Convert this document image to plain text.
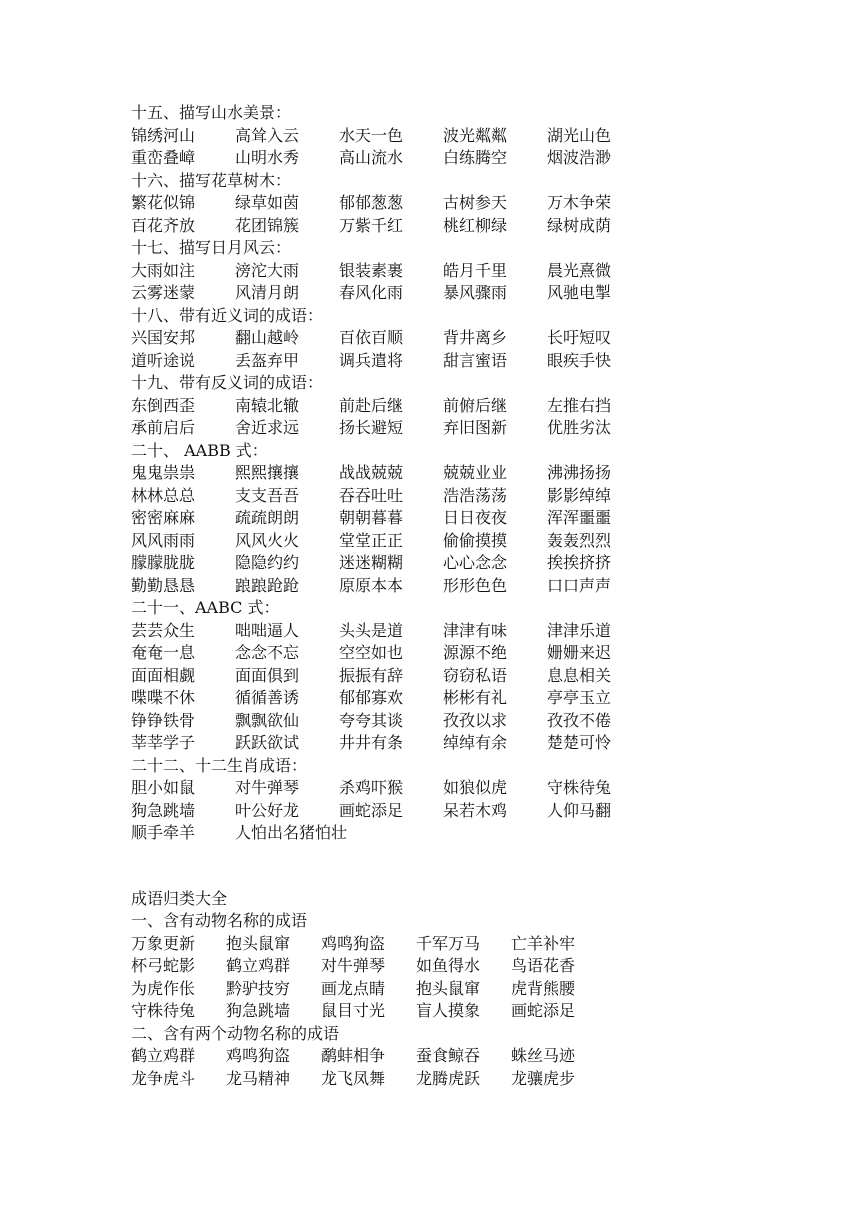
十五、描写山水美景：
锦绣河山 高耸入云 水天一色 波光粼粼 湖光山色
重峦叠嶂 山明水秀 高山流水 白练腾空 烟波浩渺
十六、描写花草树木：
繁花似锦 绿草如茵 郁郁葱葱 古树参天 万木争荣
百花齐放 花团锦簇 万紫千红 桃红柳绿 绿树成荫
十七、描写日月风云：
大雨如注 滂沱大雨 银装素裹 皓月千里 晨光熹微
云雾迷蒙 风清月朗 春风化雨 暴风骤雨 风驰电掣
十八、带有近义词的成语：
兴国安邦 翻山越岭 百依百顺 背井离乡 长吁短叹
道听途说 丢盔弃甲 调兵遣将 甜言蜜语 眼疾手快
十九、带有反义词的成语：
东倒西歪 南辕北辙 前赴后继 前俯后继 左推右挡
承前启后 舍近求远 扬长避短 弃旧图新 优胜劣汰
二十、 AABB 式：
鬼鬼祟祟 熙熙攘攘 战战兢兢 兢兢业业 沸沸扬扬
林林总总 支支吾吾 吞吞吐吐 浩浩荡荡 影影绰绰
密密麻麻 疏疏朗朗 朝朝暮暮 日日夜夜 浑浑噩噩
风风雨雨 风风火火 堂堂正正 偷偷摸摸 轰轰烈烈
朦朦胧胧 隐隐约约 迷迷糊糊 心心念念 挨挨挤挤
勤勤恳恳 踉踉跄跄 原原本本 形形色色 口口声声
二十一、AABC 式：
芸芸众生 咄咄逼人 头头是道 津津有味 津津乐道
奄奄一息 念念不忘 空空如也 源源不绝 姗姗来迟
面面相觑 面面俱到 振振有辞 窃窃私语 息息相关
喋喋不休 循循善诱 郁郁寡欢 彬彬有礼 亭亭玉立
铮铮铁骨 飘飘欲仙 夸夸其谈 孜孜以求 孜孜不倦
莘莘学子 跃跃欲试 井井有条 绰绰有余 楚楚可怜
二十二、十二生肖成语：
胆小如鼠 对牛弹琴 杀鸡吓猴 如狼似虎 守株待兔
狗急跳墙 叶公好龙 画蛇添足 呆若木鸡 人仰马翻
顺手牵羊 人怕出名猪怕壮
成语归类大全
一、含有动物名称的成语
万象更新 抱头鼠窜 鸡鸣狗盗 千军万马 亡羊补牢
杯弓蛇影 鹤立鸡群 对牛弹琴 如鱼得水 鸟语花香
为虎作伥 黔驴技穷 画龙点睛 抱头鼠窜 虎背熊腰
守株待兔 狗急跳墙 鼠目寸光 盲人摸象 画蛇添足
二、含有两个动物名称的成语
鹤立鸡群 鸡鸣狗盗 鹬蚌相争 蚕食鲸吞 蛛丝马迹
龙争虎斗 龙马精神 龙飞凤舞 龙腾虎跃 龙骧虎步
